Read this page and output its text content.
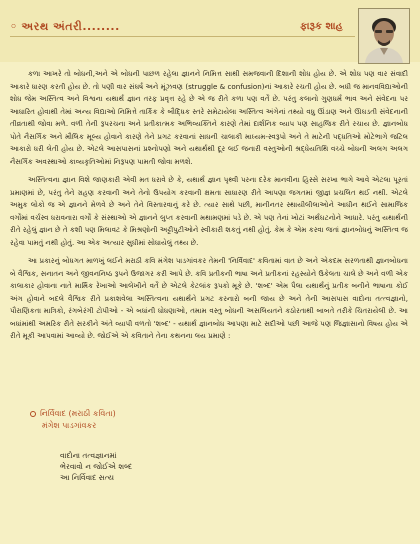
◦ અરથ અંતરી........	ફારૂક શાહ

કળા આખરે તો બોધની,અને એ બોધની પાછળ રહેલા જ્ઞાનને નિમિત્ત સાથી સમજવાની દિશાની શોધ હોય છે. એ શોધ પણ વાર સંવાદી આકારે ધારણ કરતી હોય છે. તો પણી વાર સંઘર્ષ અને મૂંઝવણ (struggle & confusion)નાં આકારે રચતી હોય છે. બધી જ માનવવિદ્યાઓની શોધ જેમ અસ્તિત્વ અને વિશ્વના યથાર્થ જ્ઞાન તરફ પ્રવૃત્ત રહે છે એ જ રીતે કળા પણ વર્તે છે. પરંતુ કલાનો ગુણધર્મ ભાવ અને સંવેદના પર આધારિત હોવાથી તેમાં અન્ય વિદ્યાઓ નિમિત્તે તાર્કિક કે બૌદ્ધિક સ્તરે સમેટાયેલા અસ્તિત્વ અંગેનાં તથ્યો વધુ ઊંડાણ અને ઊઘડતી સંવેદનાની તીવ્રતાથી જોવા મળે. વળી તેની રૂપરચના અને પ્રતીકાત્મક અભિવ્યક્તિને કારણે તેમાં દાર્શનિક વ્યાપ પણ સાહજિક રીતે રચાય છે. જ્ઞાનબોધ પોતે નૈસર્ગિક અને મૌલિક મૂલ્ય હોવાને કારણે તેને પ્રગટ કરવાનાં સાધની ચાલાકી માધ્યમ-સ્વરૂપો અને તે માટેની પદ્ધતિઓ મોટેભાગે જટિલ આકારો ધરી લેતી હોય છે. એટલે આસપાસનાં પ્રશ્નોપણો અને યથાર્થથી દૂર લઈ જનારી વસ્તુઓની શ્રદ્ધેયતિથિ વચ્ચે બોધની અલગ અલગ નૈસર્ગિક અવસ્થાઓ કાવ્યકૃતિઓમાં નિરૂપણ પામતી જોવા મળશે.

અસ્તિત્વના જ્ઞાન વિશે જાણકારી એવી મત ધરાવે છે કે, યથાર્થ જ્ઞાન પૃથ્વી પરના દરેક માનવીના હિસ્સે સરખા ભાગે આવે એટલા પૂરતાં પ્રમાણમાં છે, પરંતુ તેને ગ્રહણ કરવાની અને તેનો ઉપયોગ કરવાની ક્ષમતા સાધારણ રીતે આપણા જગતમાં જીજ્ઞ પ્રચલિત થઈ નથી. એટલે અમુક લોકો જ એ જ્ઞાનને મેળવે છે અને તેને વિસ્તારવાનું કરે છે. ત્યાર સાથે પછી, માનીનતર સ્થાયીલીલાઓને આધીન થઈને સામાજિક વર્ગોમાં વર્ચસ્વ ધરાવનારા વર્ગો કે સંસ્થાઓ એ જ્ઞાનને લુપ્ત કરવાની મથામણમાં પડે છે. એ પણ તેનાં ખોટાં અર્થઘટનોને આધારે. પરંતુ યથાર્થની રીતે રહેલું જ્ઞાન છે તે કશી પણ મિલાવટ કે મિશ્રણોની અટ્ટીપુટીઓને સ્વીકારી શકતું નથી હોતું. કેમ કે એમ કરવા જતાં જ્ઞાનબોધનું અસ્તિત્વ જ રહેવા પામતું નથી હોતું. આ એક અત્યાર સુધીમાં સોધાયેલું તથ્ય છે.

આ પ્રકારનું બોધગત માળખું લઈને મરાઠી કવિ મંગેશ પાડગાંવકર તેમની 'નિર્વિવાદ' કવિતામાં વાત છે અને એકદમ સરળતાથી જ્ઞાનબોધના બે વૈશ્વિક, સનાતન અને જીવનનિષ્ઠ રૂપને ઉજાગર કરી આપે છે. કવિ પ્રતીકની ભાષા અને પ્રતીકનાં રહસ્યોને ઉકેલતા ચાલે છે અને વળી એક કાલાકાર હોવાના નાતે માર્મિક રેખાઓ આલેખીને વર્તે છે એટલે કેટલાંક રૂપકો મૂકે છે. 'શબ્દ' એમ પૈલા યથાર્થનું પ્રતીક બનીને ભાષાના કોઈ અંગ હોવાને બદલે વૈશ્વિક રીતે પ્રકાશવેલા અસ્તિત્વના યથાર્થને પ્રગટ કરનારો બની જાય છે અને તેની આસપાસ વાદોના તત્ત્વજ્ઞાનો, પૌરાણિકતા માત્રિકો, રંગબેરંગી ટોપીઓ - એ બધાંની ધોધણાઓ, તમામ વસ્તુ બોધની અસલિયતને કઠોરતાથી બાબતે તરીકે ચિતરાયેલી છે. આ બધાંમાંથી અમરિક રીતે સરકીને અંતે વ્યાપી વળતો 'શબ્દ' - યથાર્થ જ્ઞાનબોધ આપણા માટે સદીઓ પછી આજે પણ જિજ્ઞાસાનો વિષય હોય એ રીતે મૂકી આપવામાં આવ્યો છે. જોઈએ એ કવિતાને તેના કથનના લય પ્રમાણે :

નિર્વિવાદ (મરાઠી કવિતા)
મંગેશ પાડગાંવકર
વાદોના તત્વજ્ઞાનમાં
ભેરવાવો ન જોઈએ શબ્દ
આ નિર્વિવાદ સત્ય
